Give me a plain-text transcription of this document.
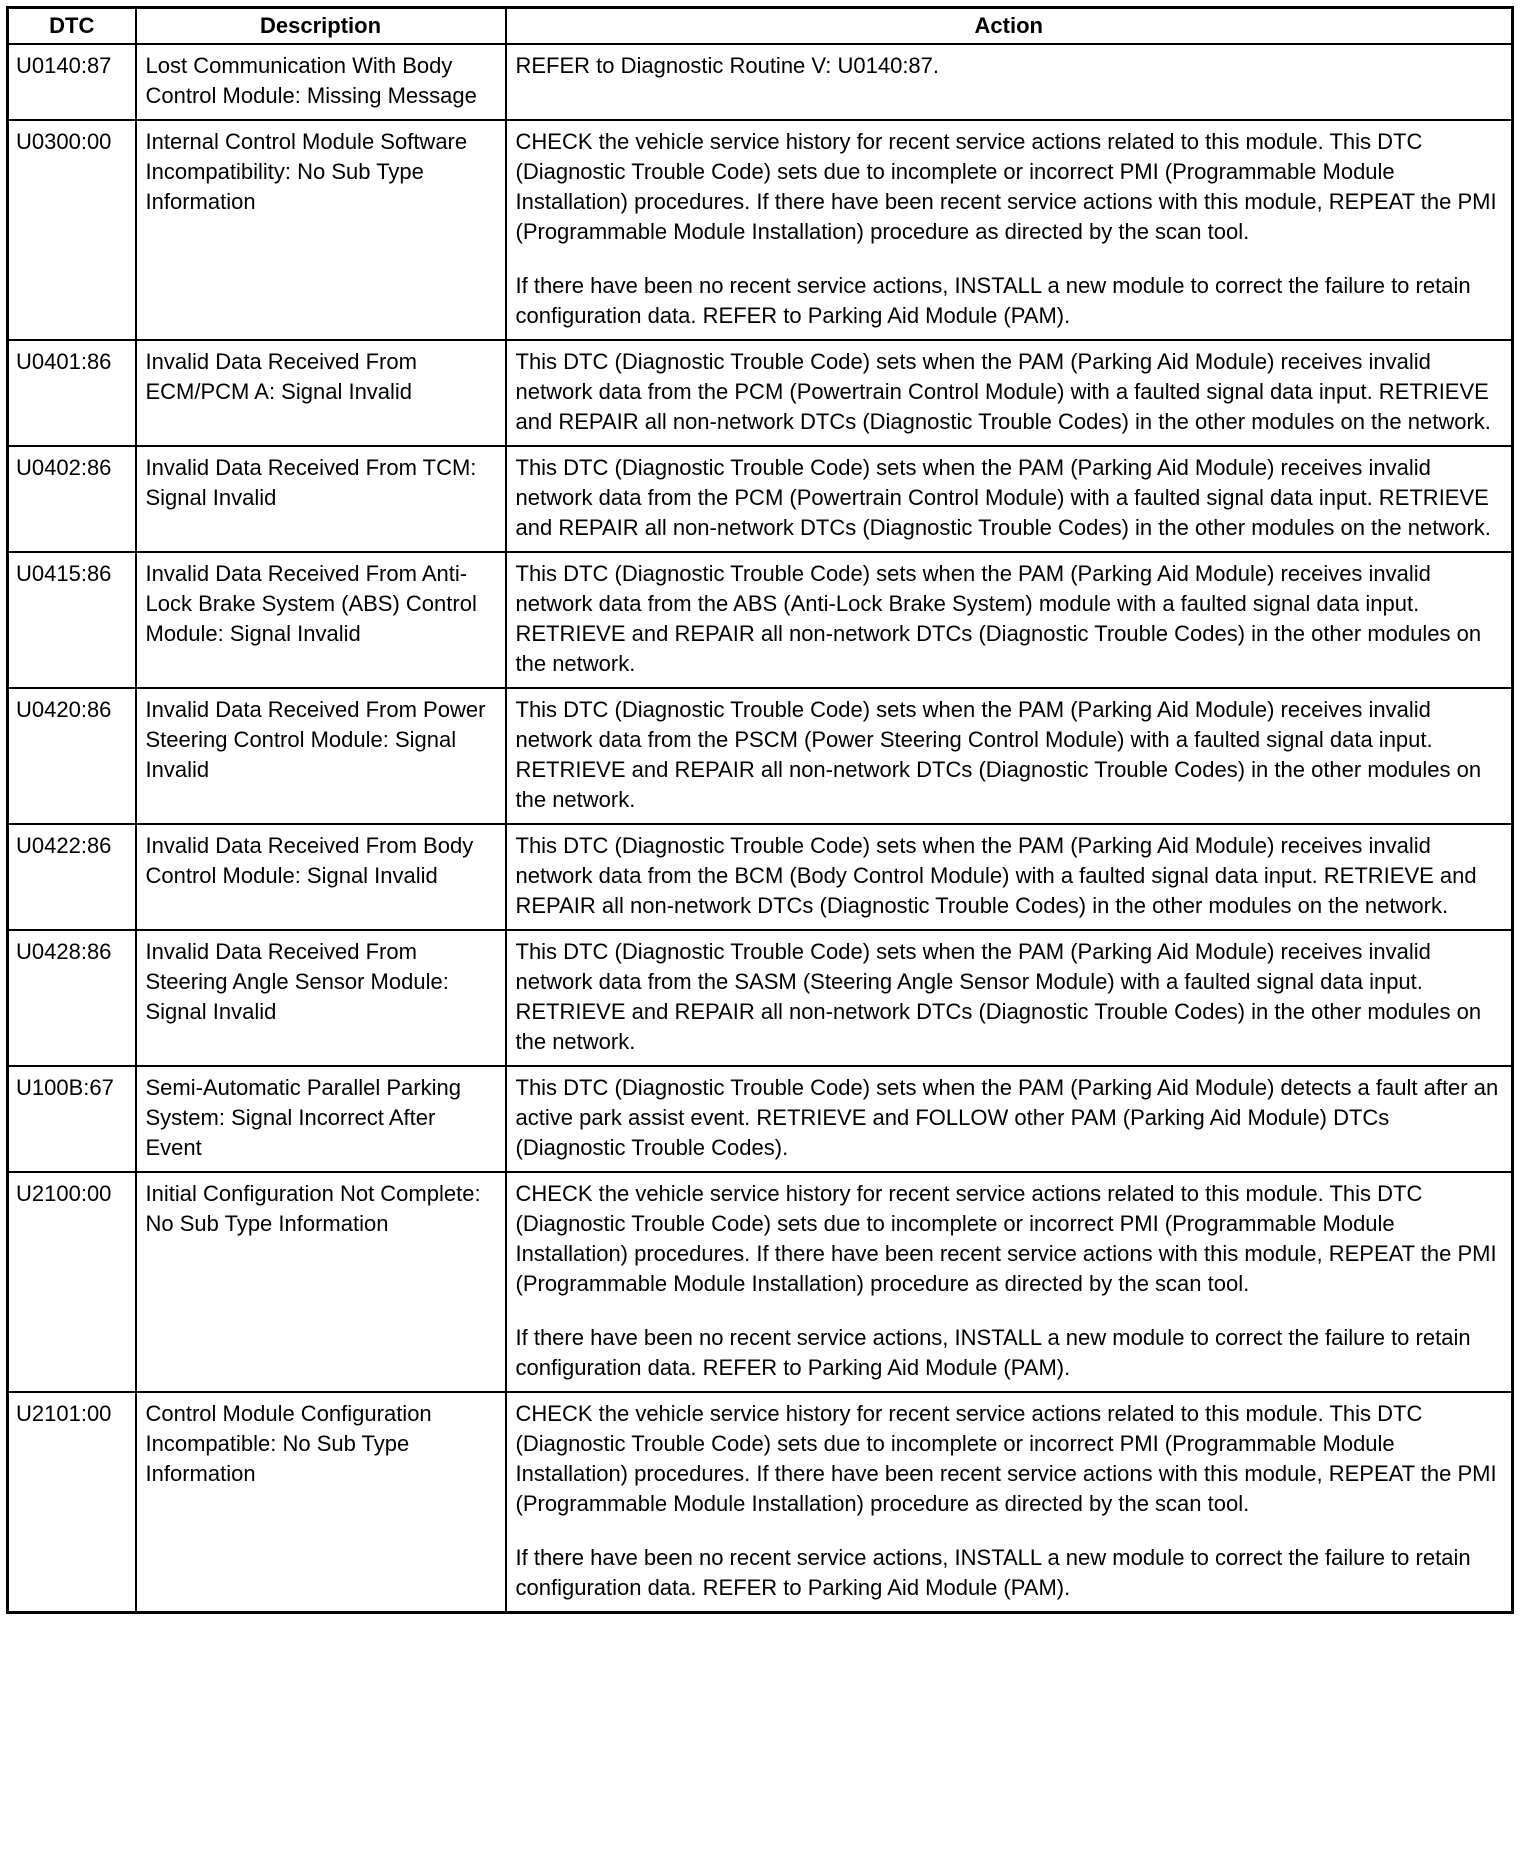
DTC	Description	Action
U0140:87	Lost Communication With Body Control Module: Missing Message	REFER to Diagnostic Routine V: U0140:87.

U0300:00	Internal Control Module Software Incompatibility: No Sub Type Information	CHECK the vehicle service history for recent service actions related to this module. This DTC (Diagnostic Trouble Code) sets due to incomplete or incorrect PMI (Programmable Module Installation) procedures. If there have been recent service actions with this module, REPEAT the PMI (Programmable Module Installation) procedure as directed by the scan tool.

If there have been no recent service actions, INSTALL a new module to correct the failure to retain configuration data. REFER to Parking Aid Module (PAM).

U0401:86	Invalid Data Received From ECM/PCM A: Signal Invalid	This DTC (Diagnostic Trouble Code) sets when the PAM (Parking Aid Module) receives invalid network data from the PCM (Powertrain Control Module) with a faulted signal data input. RETRIEVE and REPAIR all non-network DTCs (Diagnostic Trouble Codes) in the other modules on the network.

U0402:86	Invalid Data Received From TCM: Signal Invalid	This DTC (Diagnostic Trouble Code) sets when the PAM (Parking Aid Module) receives invalid network data from the PCM (Powertrain Control Module) with a faulted signal data input. RETRIEVE and REPAIR all non-network DTCs (Diagnostic Trouble Codes) in the other modules on the network.

U0415:86	Invalid Data Received From Anti-Lock Brake System (ABS) Control Module: Signal Invalid	This DTC (Diagnostic Trouble Code) sets when the PAM (Parking Aid Module) receives invalid network data from the ABS (Anti-Lock Brake System) module with a faulted signal data input. RETRIEVE and REPAIR all non-network DTCs (Diagnostic Trouble Codes) in the other modules on the network.

U0420:86	Invalid Data Received From Power Steering Control Module: Signal Invalid	This DTC (Diagnostic Trouble Code) sets when the PAM (Parking Aid Module) receives invalid network data from the PSCM (Power Steering Control Module) with a faulted signal data input. RETRIEVE and REPAIR all non-network DTCs (Diagnostic Trouble Codes) in the other modules on the network.

U0422:86	Invalid Data Received From Body Control Module: Signal Invalid	This DTC (Diagnostic Trouble Code) sets when the PAM (Parking Aid Module) receives invalid network data from the BCM (Body Control Module) with a faulted signal data input. RETRIEVE and REPAIR all non-network DTCs (Diagnostic Trouble Codes) in the other modules on the network.

U0428:86	Invalid Data Received From Steering Angle Sensor Module: Signal Invalid	This DTC (Diagnostic Trouble Code) sets when the PAM (Parking Aid Module) receives invalid network data from the SASM (Steering Angle Sensor Module) with a faulted signal data input. RETRIEVE and REPAIR all non-network DTCs (Diagnostic Trouble Codes) in the other modules on the network.

U100B:67	Semi-Automatic Parallel Parking System: Signal Incorrect After Event	This DTC (Diagnostic Trouble Code) sets when the PAM (Parking Aid Module) detects a fault after an active park assist event. RETRIEVE and FOLLOW other PAM (Parking Aid Module) DTCs (Diagnostic Trouble Codes).

U2100:00	Initial Configuration Not Complete: No Sub Type Information	CHECK the vehicle service history for recent service actions related to this module. This DTC (Diagnostic Trouble Code) sets due to incomplete or incorrect PMI (Programmable Module Installation) procedures. If there have been recent service actions with this module, REPEAT the PMI (Programmable Module Installation) procedure as directed by the scan tool.

If there have been no recent service actions, INSTALL a new module to correct the failure to retain configuration data. REFER to Parking Aid Module (PAM).

U2101:00	Control Module Configuration Incompatible: No Sub Type Information	CHECK the vehicle service history for recent service actions related to this module. This DTC (Diagnostic Trouble Code) sets due to incomplete or incorrect PMI (Programmable Module Installation) procedures. If there have been recent service actions with this module, REPEAT the PMI (Programmable Module Installation) procedure as directed by the scan tool.

If there have been no recent service actions, INSTALL a new module to correct the failure to retain configuration data. REFER to Parking Aid Module (PAM).
